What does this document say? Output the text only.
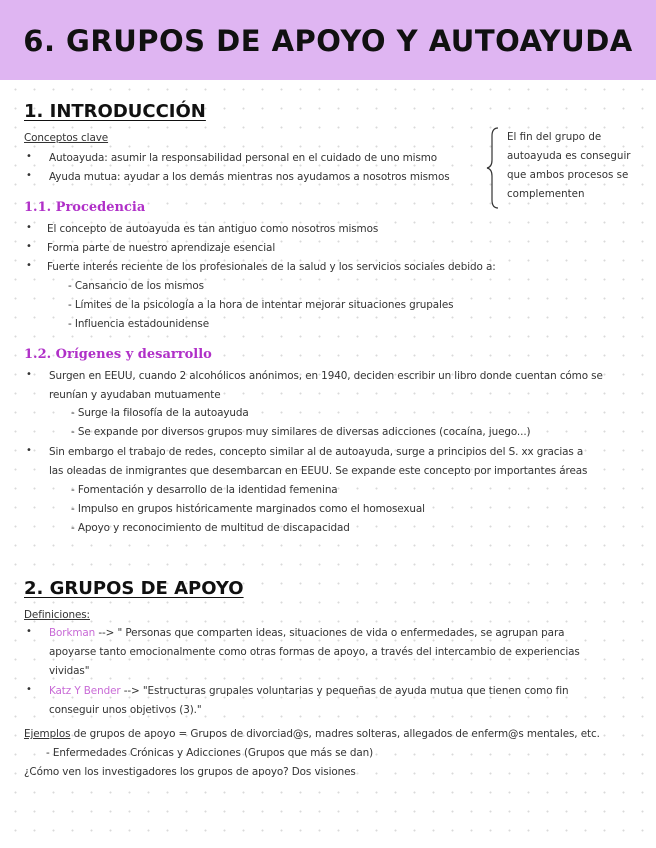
6. GRUPOS DE APOYO Y AUTOAYUDA
1. INTRODUCCIÓN
Conceptos clave
• Autoayuda: asumir la responsabilidad personal en el cuidado de uno mismo
• Ayuda mutua: ayudar a los demás mientras nos ayudamos a nosotros mismos
El fin del grupo de
autoayuda es conseguir
que ambos procesos se
complementen
1.1. Procedencia
• El concepto de autoayuda es tan antiguo como nosotros mismos
• Forma parte de nuestro aprendizaje esencial
• Fuerte interés reciente de los profesionales de la salud y los servicios sociales debido a:
- Cansancio de los mismos
- Límites de la psicología a la hora de intentar mejorar situaciones grupales
- Influencia estadounidense
1.2. Orígenes y desarrollo
• Surgen en EEUU, cuando 2 alcohólicos anónimos, en 1940, deciden escribir un libro donde cuentan cómo se
reunían y ayudaban mutuamente
- Surge la filosofía de la autoayuda
- Se expande por diversos grupos muy similares de diversas adicciones (cocaína, juego...)
• Sin embargo el trabajo de redes, concepto similar al de autoayuda, surge a principios del S. xx gracias a
las oleadas de inmigrantes que desembarcan en EEUU. Se expande este concepto por importantes áreas
- Fomentación y desarrollo de la identidad femenina
- Impulso en grupos históricamente marginados como el homosexual
- Apoyo y reconocimiento de multitud de discapacidad
2. GRUPOS DE APOYO
Definiciones:
• Borkman --> " Personas que comparten ideas, situaciones de vida o enfermedades, se agrupan para
apoyarse tanto emocionalmente como otras formas de apoyo, a través del intercambio de experiencias
vividas"
• Katz Y Bender --> "Estructuras grupales voluntarias y pequeñas de ayuda mutua que tienen como fin
conseguir unos objetivos (3)."
Ejemplos de grupos de apoyo = Grupos de divorciad@s, madres solteras, allegados de enferm@s mentales, etc.
- Enfermedades Crónicas y Adicciones (Grupos que más se dan)
¿Cómo ven los investigadores los grupos de apoyo? Dos visiones
